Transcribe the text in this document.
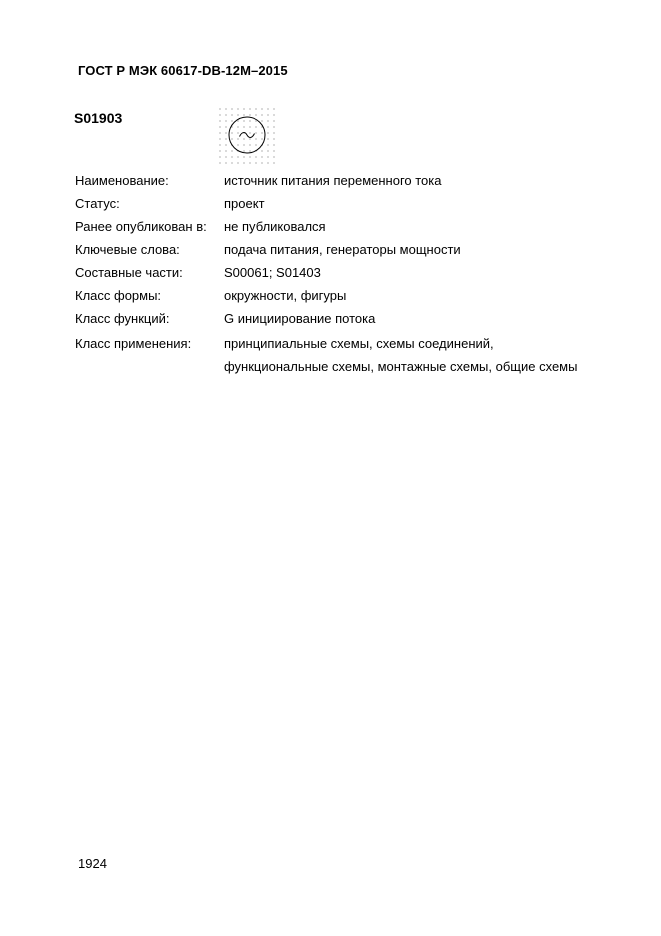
ГОСТ Р МЭК 60617-DB-12M–2015
S01903
Наименование:	источник питания переменного тока
Статус:	проект
Ранее опубликован в:	не публиковался
Ключевые слова:	подача питания, генераторы мощности
Составные части:	S00061; S01403
Класс формы:	окружности, фигуры
Класс функций:	G инициирование потока
Класс применения:	принципиальные схемы, схемы соединений,
функциональные схемы, монтажные схемы, общие схемы
1924
